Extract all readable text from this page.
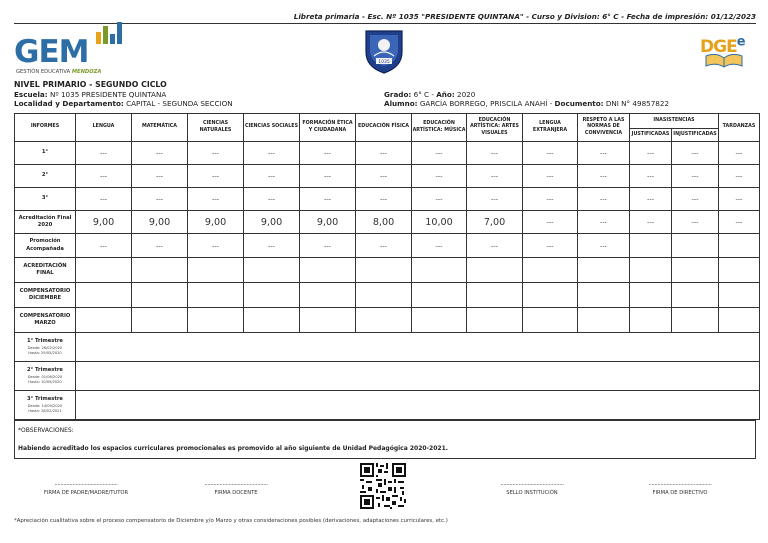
Libreta primaria - Esc. Nº 1035 "PRESIDENTE QUINTANA" - Curso y Division: 6° C - Fecha de impresión: 01/12/2023
GEM
GESTIÓN EDUCATIVA MENDOZA
1035
DGE$^e$
NIVEL PRIMARIO - SEGUNDO CICLO
Escuela: Nº 1035 PRESIDENTE QUINTANA
Localidad y Departamento: CAPITAL - SEGUNDA SECCION
Grado: 6° C - Año: 2020
Alumno: GARCÍA BORREGO, PRISCILA ANAHÍ - Documento: DNI N° 49857822
INFORMES	LENGUA	MATEMÁTICA	CIENCIAS NATURALES	CIENCIAS SOCIALES	FORMACIÓN ÉTICA Y CIUDADANA	EDUCACIÓN FÍSICA	EDUCACIÓN ARTÍSTICA: MÚSICA	EDUCACIÓN ARTÍSTICA: ARTES VISUALES	LENGUA EXTRANJERA	RESPETO A LAS NORMAS DE CONVIVENCIA	INASISTENCIAS		TARDANZAS
											JUSTIFICADAS	INJUSTIFICADAS	
1°	---	---	---	---	---	---	---	---	---	---	---	---	---
2°	---	---	---	---	---	---	---	---	---	---	---	---	---
3°	---	---	---	---	---	---	---	---	---	---	---	---	---
Acreditación Final 2020	9,00	9,00	9,00	9,00	9,00	8,00	10,00	7,00	---	---	---	---	---
Promoción Acompañada	---	---	---	---	---	---	---	---	---	---			
ACREDITACIÓN FINAL													
COMPENSATORIO DICIEMBRE													
COMPENSATORIO MARZO													
1° Trimestre
Desde: 26/02/2020
Hasta: 29/05/2020													

2° Trimestre
Desde: 01/06/2020
Hasta: 10/09/2020													

3° Trimestre
Desde: 14/09/2020
Hasta: 28/02/2021													

*OBSERVACIONES:
Habiendo acreditado los espacios curriculares promocionales es promovido al año siguiente de Unidad Pedagógica 2020-2021.
..........................................
FIRMA DE PADRE/MADRE/TUTOR
..........................................
FIRMA DOCENTE
..........................................
SELLO INSTITUCIÓN
..........................................
FIRMA DE DIRECTIVO
*Apreciación cualitativa sobre el proceso compensatorio de Diciembre y/o Marzo y otras consideraciones posibles (derivaciones, adaptaciones curriculares, etc.)
